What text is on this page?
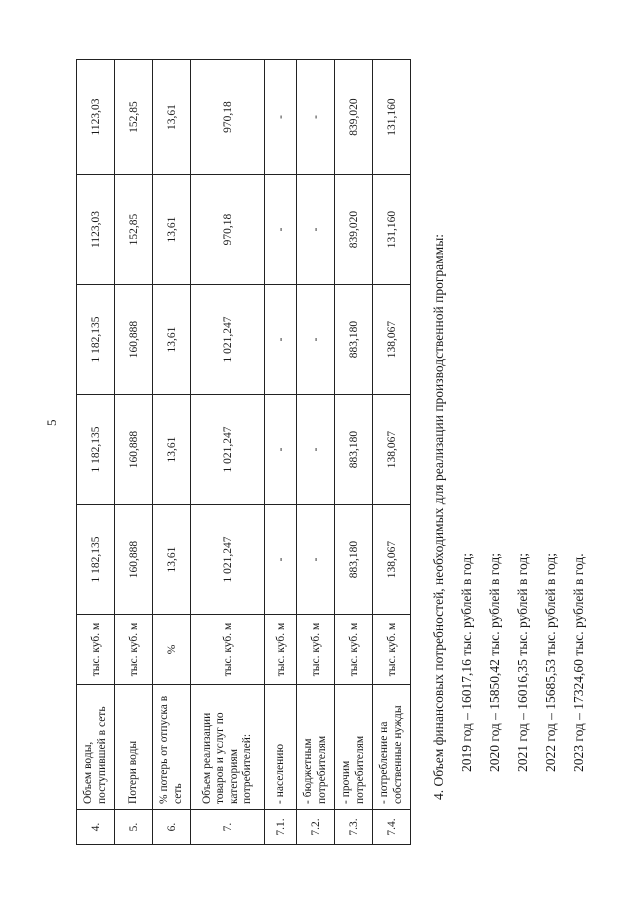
5
4.	Объем воды, поступившей в сеть	тыс. куб. м	1 182,135	1 182,135	1 182,135	1123,03	1123,03
5.	Потери воды	тыс. куб. м	160,888	160,888	160,888	152,85	152,85
6.	% потерь от отпуска в сеть	%	13,61	13,61	13,61	13,61	13,61
7.	Объем реализации товаров и услуг по категориям потребителей:	тыс. куб. м	1 021,247	1 021,247	1 021,247	970,18	970,18
7.1.	- населению	тыс. куб. м	-	-	-	-	-
7.2.	- бюджетным потребителям	тыс. куб. м	-	-	-	-	-
7.3.	- прочим потребителям	тыс. куб. м	883,180	883,180	883,180	839,020	839,020
7.4.	- потребление на собственные нужды	тыс. куб. м	138,067	138,067	138,067	131,160	131,160
4. Объем финансовых потребностей, необходимых для реализации производственной программы: 2019 год – 16017,16 тыс. рублей в год; 2020 год – 15850,42 тыс. рублей в год; 2021 год – 16016,35 тыс. рублей в год; 2022 год – 15685,53 тыс. рублей в год; 2023 год – 17324,60 тыс. рублей в год.
